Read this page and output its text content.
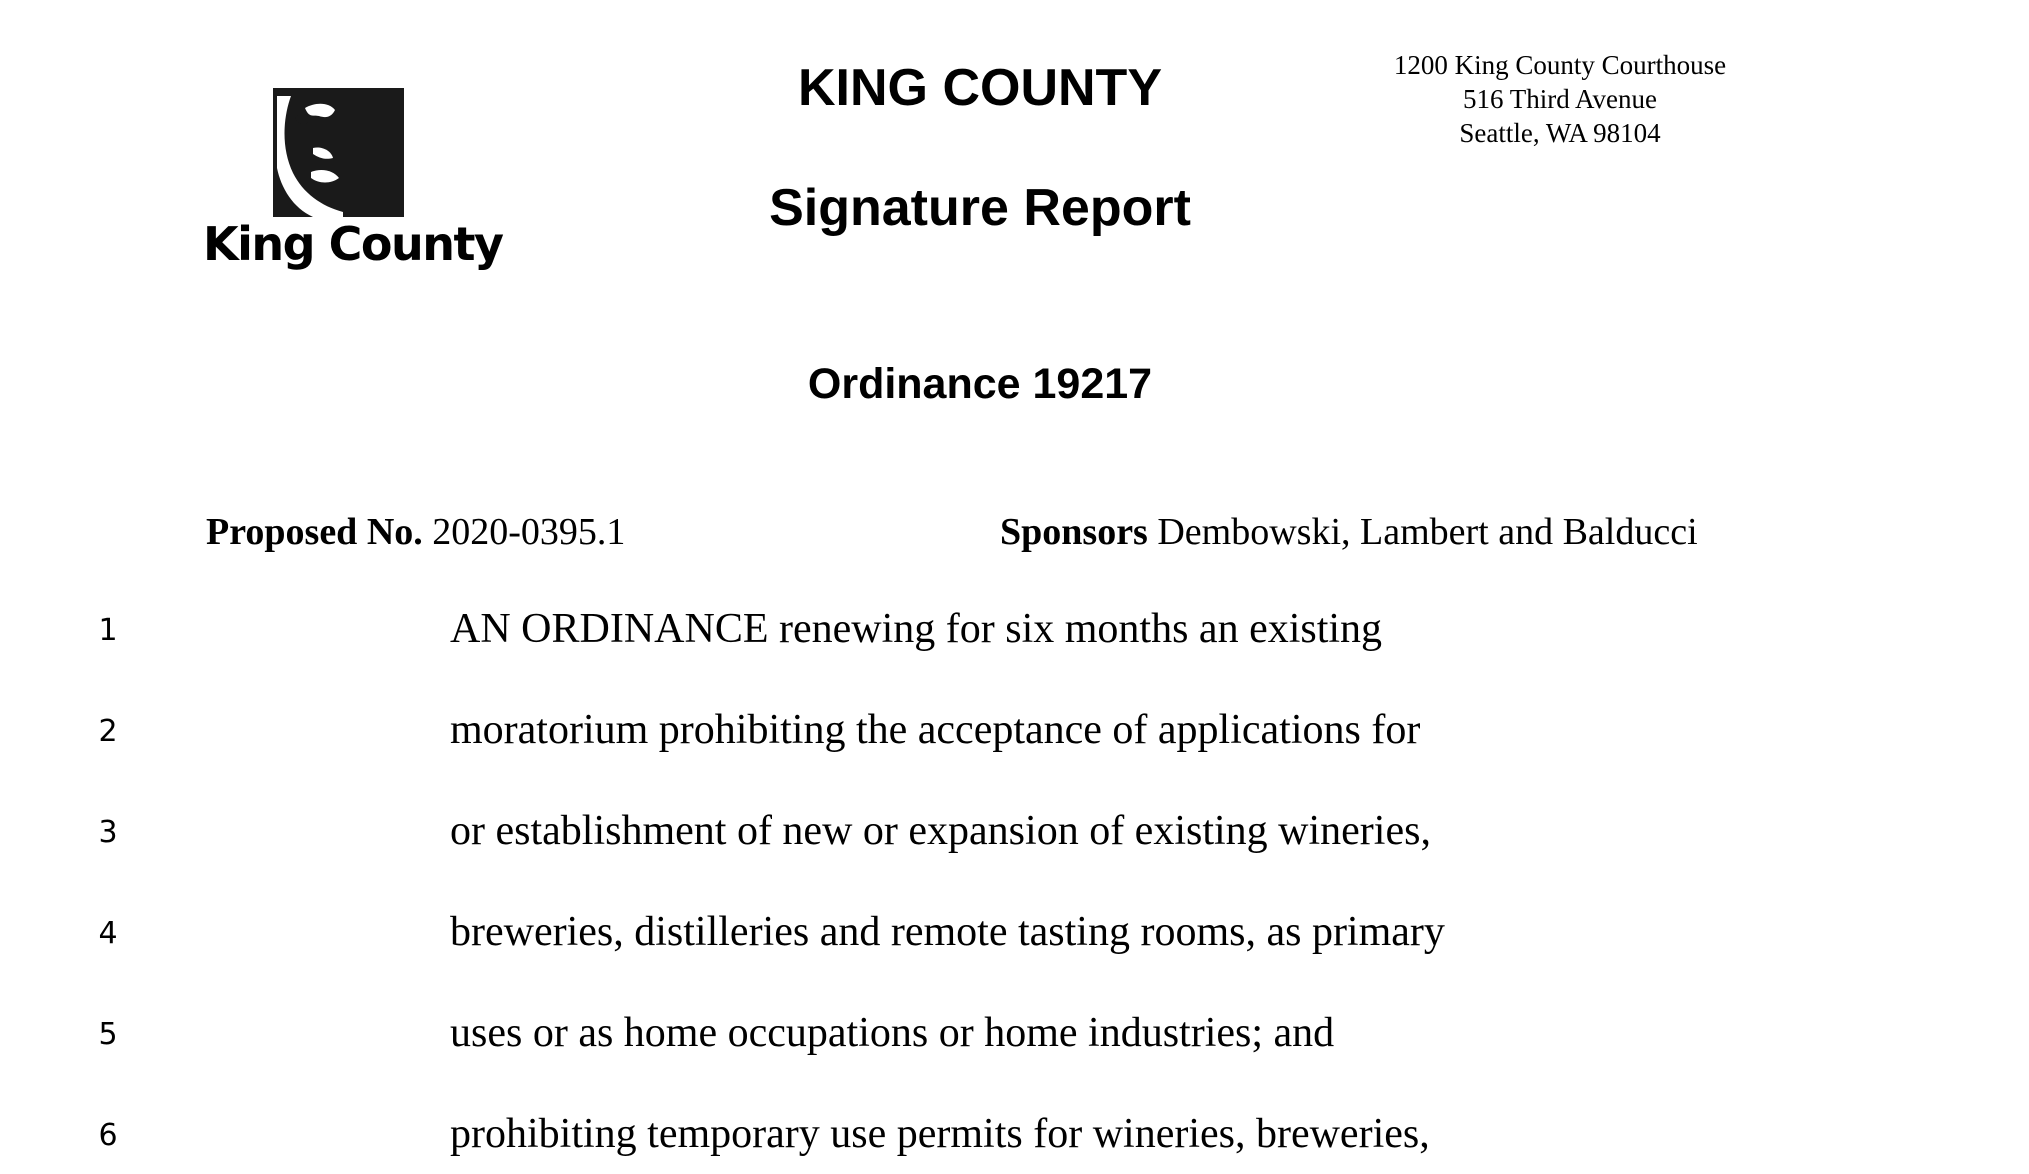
King County
KING COUNTY
Signature Report
Ordinance 19217
1200 King County Courthouse
516 Third Avenue
Seattle, WA 98104
Proposed No. 2020-0395.1	Sponsors Dembowski, Lambert and Balducci
1	AN ORDINANCE renewing for six months an existing
2	moratorium prohibiting the acceptance of applications for
3	or establishment of new or expansion of existing wineries,
4	breweries, distilleries and remote tasting rooms, as primary
5	uses or as home occupations or home industries; and
6	prohibiting temporary use permits for wineries, breweries,
